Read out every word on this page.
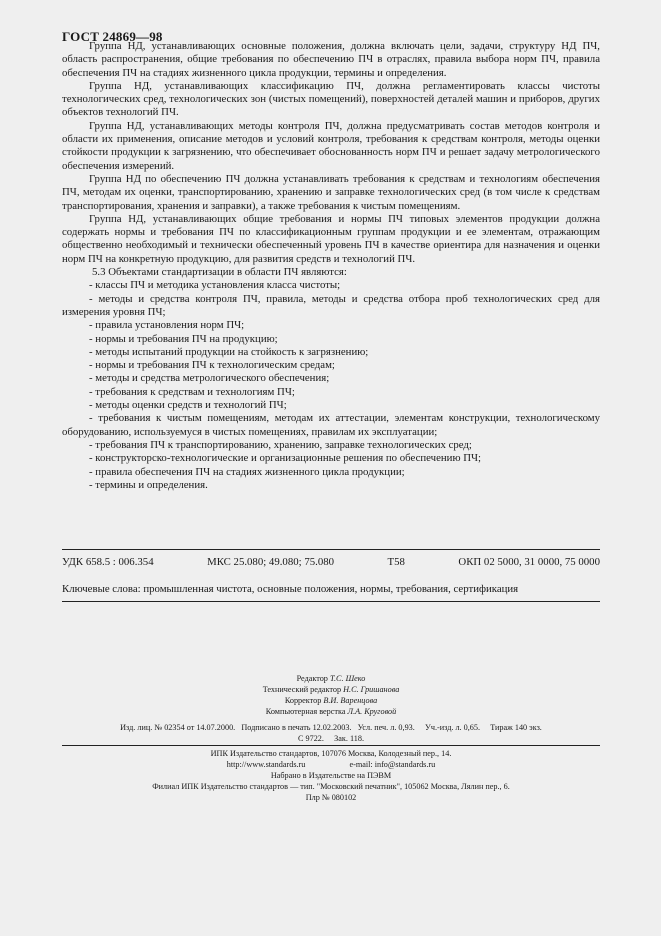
ГОСТ 24869—98

Группа НД, устанавливающих основные положения, должна включать цели, задачи, структуру НД ПЧ, область распространения, общие требования по обеспечению ПЧ в отраслях, правила выбора норм ПЧ, правила обеспечения ПЧ на стадиях жизненного цикла продукции, термины и определения.

Группа НД, устанавливающих классификацию ПЧ, должна регламентировать классы чистоты технологических сред, технологических зон (чистых помещений), поверхностей деталей машин и приборов, других объектов технологий ПЧ.

Группа НД, устанавливающих методы контроля ПЧ, должна предусматривать состав методов контроля и области их применения, описание методов и условий контроля, требования к средствам контроля, методы оценки стойкости продукции к загрязнению, что обеспечивает обоснованность норм ПЧ и решает задачу метрологического обеспечения измерений.

Группа НД по обеспечению ПЧ должна устанавливать требования к средствам и технологиям обеспечения ПЧ, методам их оценки, транспортированию, хранению и заправке технологических сред (в том числе к средствам транспортирования, хранения и заправки), а также требования к чистым помещениям.

Группа НД, устанавливающих общие требования и нормы ПЧ типовых элементов продукции должна содержать нормы и требования ПЧ по классификационным группам продукции и ее элементам, отражающим общественно необходимый и технически обеспеченный уровень ПЧ в качестве ориентира для назначения и оценки норм ПЧ на конкретную продукцию, для развития средств и технологий ПЧ.

5.3 Объектами стандартизации в области ПЧ являются:

- классы ПЧ и методика установления класса чистоты;

- методы и средства контроля ПЧ, правила, методы и средства отбора проб технологических сред для измерения уровня ПЧ;

- правила установления норм ПЧ;

- нормы и требования ПЧ на продукцию;

- методы испытаний продукции на стойкость к загрязнению;

- нормы и требования ПЧ к технологическим средам;

- методы и средства метрологического обеспечения;

- требования к средствам и технологиям ПЧ;

- методы оценки средств и технологий ПЧ;

- требования к чистым помещениям, методам их аттестации, элементам конструкции, технологическому оборудованию, используемуся в чистых помещениях, правилам их эксплуатации;

- требования ПЧ к транспортированию, хранению, заправке технологических сред;

- конструкторско-технологические и организационные решения по обеспечению ПЧ;

- правила обеспечения ПЧ на стадиях жизненного цикла продукции;

- термины и определения.

УДК 658.5 : 006.354	МКС 25.080; 49.080; 75.080	Т58	ОКП 02 5000, 31 0000, 75 0000
Ключевые слова: промышленная чистота, основные положения, нормы, требования, сертификация
Редактор Т.С. Шеко
Технический редактор Н.С. Гришанова
Корректор В.И. Варенцова
Компьютерная верстка Л.А. Круговой
Изд. лиц. № 02354 от 14.07.2000.   Подписано в печать 12.02.2003.   Усл. печ. л. 0,93.     Уч.-изд. л. 0,65.     Тираж 140 экз.
С 9722.     Зак. 118.
ИПК Издательство стандартов, 107076 Москва, Колодезный пер., 14.
http://www.standards.ru	e-mail: info@standards.ru
Набрано в Издательстве на ПЭВМ
Филиал ИПК Издательство стандартов — тип. "Московский печатник", 105062 Москва, Лялин пер., 6.
Плр № 080102
